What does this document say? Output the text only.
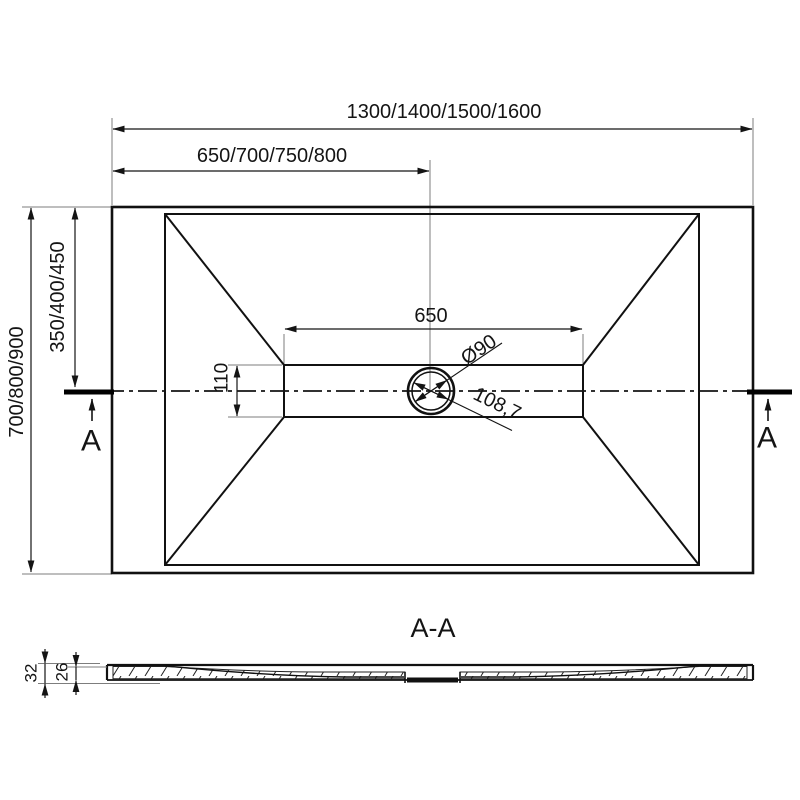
A	A
Ø90
108,7
1300/1400/1500/1600
650/700/750/800
650
700/800/900
350/400/450
110
A-A
32 26
